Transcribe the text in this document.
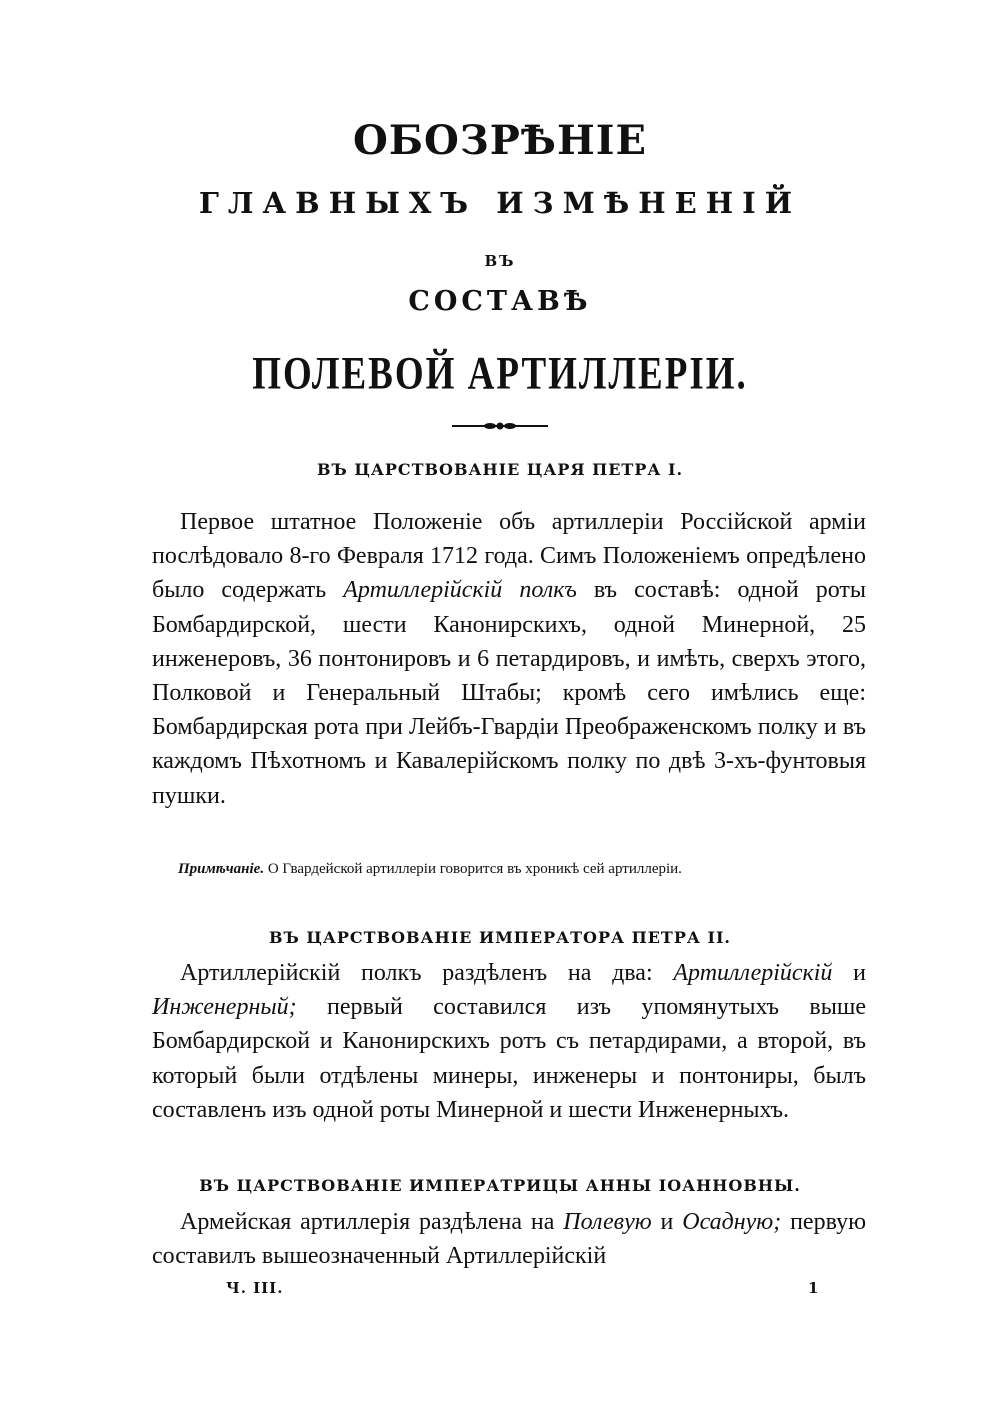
ОБОЗРѢНІЕ
ГЛАВНЫХЪ ИЗМѢНЕНІЙ
ВЪ
СОСТАВѢ
ПОЛЕВОЙ АРТИЛЛЕРІИ.
ВЪ ЦАРСТВОВАНІЕ ЦАРЯ ПЕТРА I.

Первое штатное Положеніе объ артиллеріи Россійской арміи послѣдовало 8-го Февраля 1712 года. Симъ Положеніемъ опредѣлено было содержать Артиллерійскій полкъ въ составѣ: одной роты Бомбардирской, шести Канонирскихъ, одной Минерной, 25 инженеровъ, 36 понтонировъ и 6 петардировъ, и имѣть, сверхъ этого, Полковой и Генеральный Штабы; кромѣ сего имѣлись еще: Бомбардирская рота при Лейбъ-Гвардіи Преображенскомъ полку и въ каждомъ Пѣхотномъ и Кавалерійскомъ полку по двѣ 3-хъ-фунтовыя пушки.

Примѣчаніе. О Гвардейской артиллеріи говорится въ хроникѣ сей артиллеріи.

ВЪ ЦАРСТВОВАНІЕ ИМПЕРАТОРА ПЕТРА II.

Артиллерійскій полкъ раздѣленъ на два: Артиллерійскій и Инженерный; первый составился изъ упомянутыхъ выше Бомбардирской и Канонирскихъ ротъ съ петардирами, а второй, въ который были отдѣлены минеры, инженеры и понтониры, былъ составленъ изъ одной роты Минерной и шести Инженерныхъ.

ВЪ ЦАРСТВОВАНІЕ ИМПЕРАТРИЦЫ АННЫ ІОАННОВНЫ.

Армейская артиллерія раздѣлена на Полевую и Осадную; первую составилъ вышеозначенный Артиллерійскій

Ч. III.	1
